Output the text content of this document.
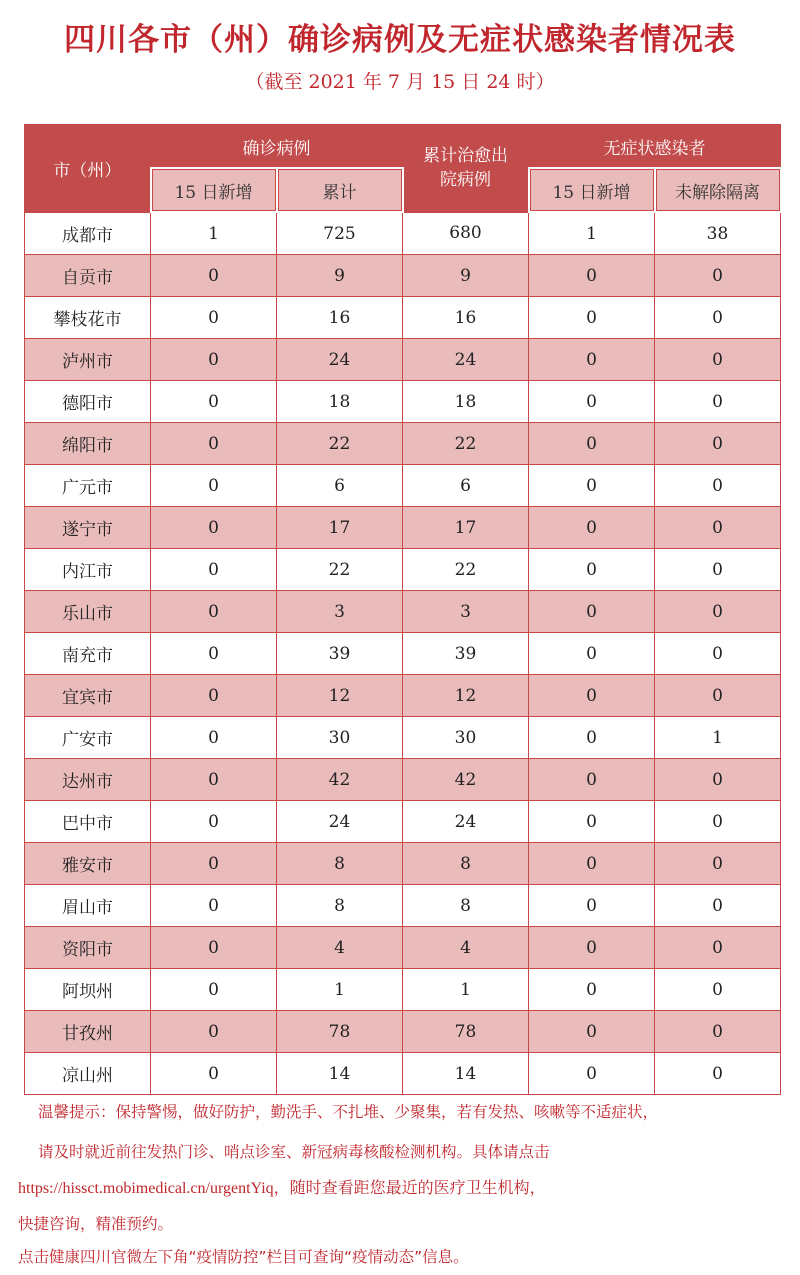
四川各市（州）确诊病例及无症状感染者情况表
（截至 2021 年 7 月 15 日 24 时）
市（州）	确诊病例		累计治愈出院病例	无症状感染者	
	15 日新增	累计		15 日新增	未解除隔离
成都市	1	725	680	1	38
自贡市	0	9	9	0	0
攀枝花市	0	16	16	0	0
泸州市	0	24	24	0	0
德阳市	0	18	18	0	0
绵阳市	0	22	22	0	0
广元市	0	6	6	0	0
遂宁市	0	17	17	0	0
内江市	0	22	22	0	0
乐山市	0	3	3	0	0
南充市	0	39	39	0	0
宜宾市	0	12	12	0	0
广安市	0	30	30	0	1
达州市	0	42	42	0	0
巴中市	0	24	24	0	0
雅安市	0	8	8	0	0
眉山市	0	8	8	0	0
资阳市	0	4	4	0	0
阿坝州	0	1	1	0	0
甘孜州	0	78	78	0	0
凉山州	0	14	14	0	0
温馨提示：保持警惕，做好防护，勤洗手、不扎堆、少聚集，若有发热、咳嗽等不适症状，
请及时就近前往发热门诊、哨点诊室、新冠病毒核酸检测机构。具体请点击
https://hissct.mobimedical.cn/urgentYiq，随时查看距您最近的医疗卫生机构，
快捷咨询，精准预约。
点击健康四川官微左下角“疫情防控”栏目可查询“疫情动态”信息。
